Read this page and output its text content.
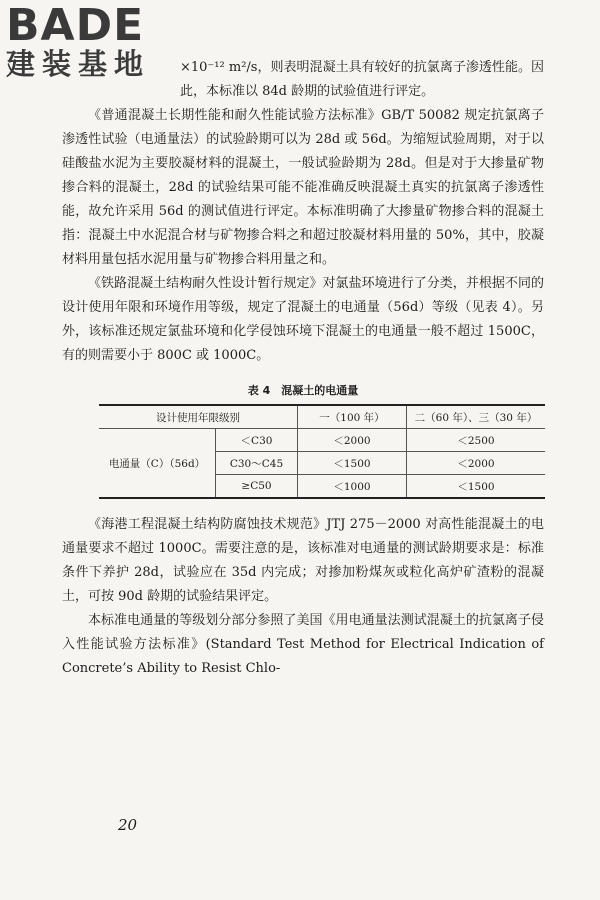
BADE
建装基地	×10⁻¹² m²/s，则表明混凝土具有较好的抗氯离子渗透性能。因此，本标准以 84d 龄期的试验值进行评定。

《普通混凝土长期性能和耐久性能试验方法标准》GB/T 50082 规定抗氯离子渗透性试验（电通量法）的试验龄期可以为 28d 或 56d。为缩短试验周期，对于以硅酸盐水泥为主要胶凝材料的混凝土，一般试验龄期为 28d。但是对于大掺量矿物掺合料的混凝土，28d 的试验结果可能不能准确反映混凝土真实的抗氯离子渗透性能，故允许采用 56d 的测试值进行评定。本标准明确了大掺量矿物掺合料的混凝土指：混凝土中水泥混合材与矿物掺合料之和超过胶凝材料用量的 50%，其中，胶凝材料用量包括水泥用量与矿物掺合料用量之和。

《铁路混凝土结构耐久性设计暂行规定》对氯盐环境进行了分类，并根据不同的设计使用年限和环境作用等级，规定了混凝土的电通量（56d）等级（见表 4）。另外，该标准还规定氯盐环境和化学侵蚀环境下混凝土的电通量一般不超过 1500C，有的则需要小于 800C 或 1000C。

表 4　混凝土的电通量
设计使用年限级别		一（100 年）	二（60 年）、三（30 年）
电通量（C）（56d）	＜C30	＜2000	＜2500
	C30～C45	＜1500	＜2000
	≥C50	＜1000	＜1500

《海港工程混凝土结构防腐蚀技术规范》JTJ 275－2000 对高性能混凝土的电通量要求不超过 1000C。需要注意的是，该标准对电通量的测试龄期要求是：标准条件下养护 28d，试验应在 35d 内完成；对掺加粉煤灰或粒化高炉矿渣粉的混凝土，可按 90d 龄期的试验结果评定。

本标准电通量的等级划分部分参照了美国《用电通量法测试混凝土的抗氯离子侵入性能试验方法标准》(Standard Test Method for Electrical Indication of Concrete’s Ability to Resist Chlo-

20
